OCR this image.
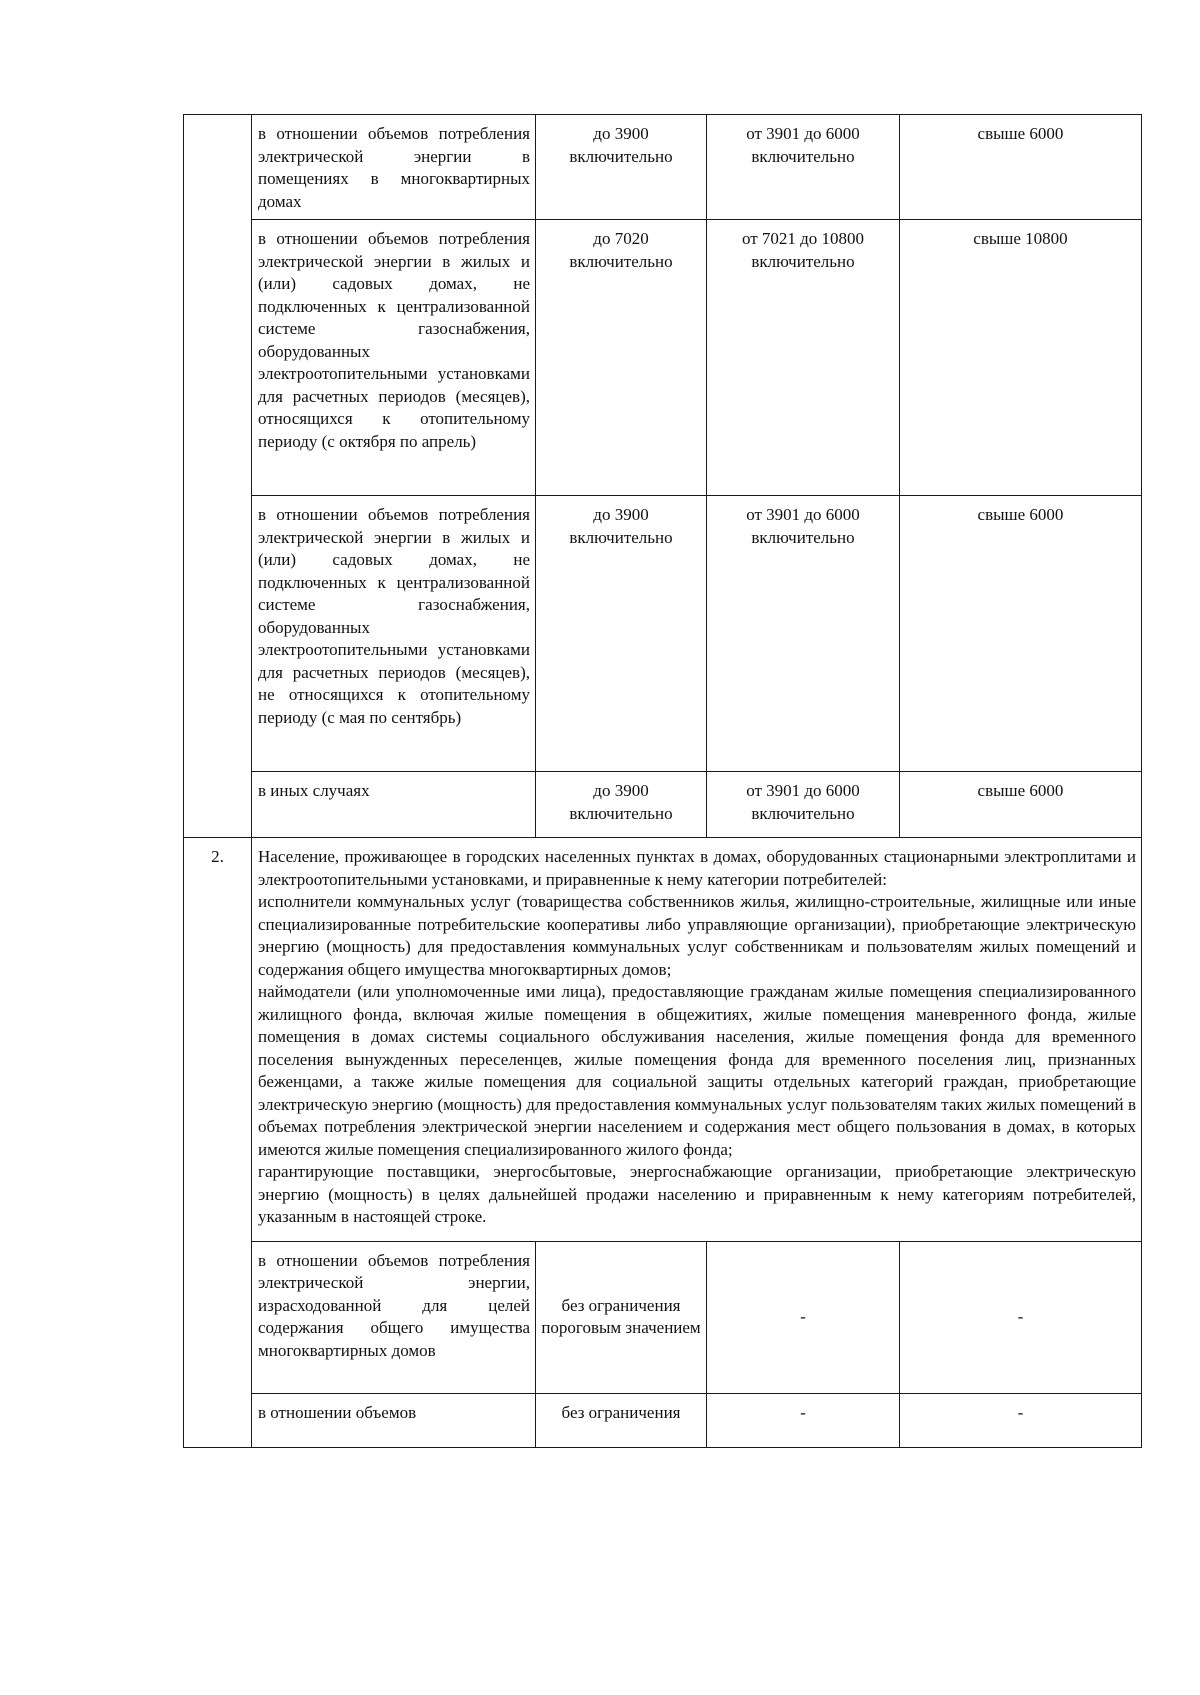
	в отношении объемов потребления электрической энергии в помещениях в многоквартирных домах	до 3900 включительно	от 3901 до 6000 включительно	свыше 6000

	в отношении объемов потребления электрической энергии в жилых и (или) садовых домах, не подключенных к централизованной системе газоснабжения, оборудованных электроотопительными установками для расчетных периодов (месяцев), относящихся к отопительному периоду (с октября по апрель)	до 7020 включительно	от 7021 до 10800 включительно	свыше 10800

	в отношении объемов потребления электрической энергии в жилых и (или) садовых домах, не подключенных к централизованной системе газоснабжения, оборудованных электроотопительными установками для расчетных периодов (месяцев), не относящихся к отопительному периоду (с мая по сентябрь)	до 3900 включительно	от 3901 до 6000 включительно	свыше 6000

	в иных случаях	до 3900 включительно	от 3901 до 6000 включительно	свыше 6000

2.	Население, проживающее в городских населенных пунктах в домах, оборудованных стационарными электроплитами и электроотопительными установками, и приравненные к нему категории потребителей:
исполнители коммунальных услуг (товарищества собственников жилья, жилищно-строительные, жилищные или иные специализированные потребительские кооперативы либо управляющие организации), приобретающие электрическую энергию (мощность) для предоставления коммунальных услуг собственникам и пользователям жилых помещений и содержания общего имущества многоквартирных домов;
наймодатели (или уполномоченные ими лица), предоставляющие гражданам жилые помещения специализированного жилищного фонда, включая жилые помещения в общежитиях, жилые помещения маневренного фонда, жилые помещения в домах системы социального обслуживания населения, жилые помещения фонда для временного поселения вынужденных переселенцев, жилые помещения фонда для временного поселения лиц, признанных беженцами, а также жилые помещения для социальной защиты отдельных категорий граждан, приобретающие электрическую энергию (мощность) для предоставления коммунальных услуг пользователям таких жилых помещений в объемах потребления электрической энергии населением и содержания мест общего пользования в домах, в которых имеются жилые помещения специализированного жилого фонда;
гарантирующие поставщики, энергосбытовые, энергоснабжающие организации, приобретающие электрическую энергию (мощность) в целях дальнейшей продажи населению и приравненным к нему категориям потребителей, указанным в настоящей строке.			

	в отношении объемов потребления электрической энергии, израсходованной для целей содержания общего имущества многоквартирных домов	без ограничения пороговым значением	-	-

	в отношении объемов	без ограничения	-	-
